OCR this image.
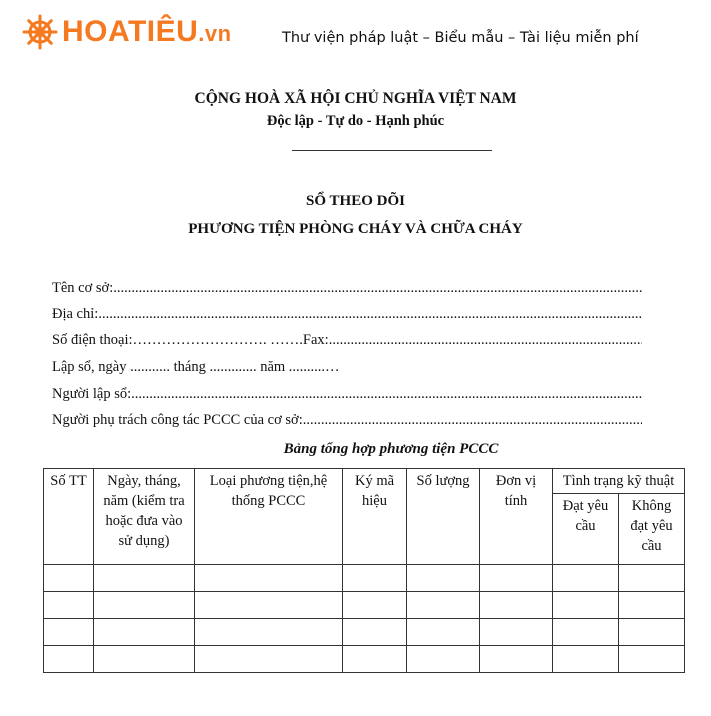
HOATIÊU.vn	Thư viện pháp luật – Biểu mẫu – Tài liệu miễn phí
CỘNG HOÀ XÃ HỘI CHỦ NGHĨA VIỆT NAM
Độc lập - Tự do - Hạnh phúc
SỔ THEO DÕI
PHƯƠNG TIỆN PHÒNG CHÁY VÀ CHỮA CHÁY
Tên cơ sở:
.....
Địa chỉ:
.....
Số điện thoại:………………………. …….Fax:
.....
Lập sổ, ngày ........... tháng ............. năm ..........…
Người lập sổ:
.....
Người phụ trách công tác PCCC của cơ sở:
.....
Bảng tổng hợp phương tiện PCCC
Số TT	Ngày, tháng, năm (kiểm tra hoặc đưa vào sử dụng)	Loại phương tiện,hệ thống PCCC	Ký mã hiệu	Số lượng	Đơn vị tính	Tình trạng kỹ thuật	
						Đạt yêu cầu	Không đạt yêu cầu
